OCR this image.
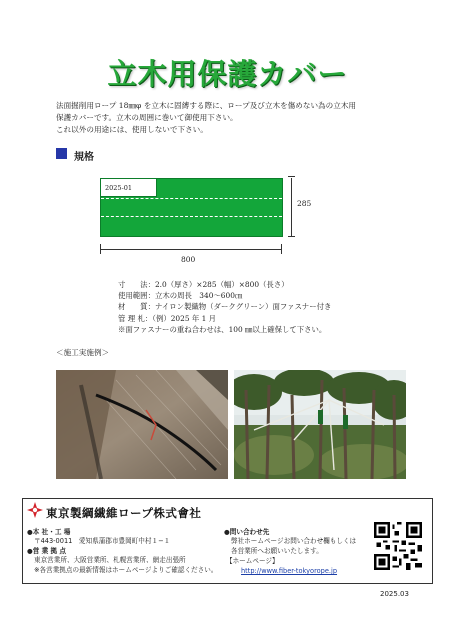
立木用保護カバー
法面掘削用ロープ 18㎜φ を立木に固縛する際に、ロープ及び立木を傷めない為の立木用
保護カバーです。立木の周囲に巻いて御使用下さい。
これ以外の用途には、使用しないで下さい。
規格
2025-01
285
800
寸　　法：2.0（厚さ）×285（幅）×800（長さ）
使用範囲：立木の周長　340～600㎝
材　　質：ナイロン製織物（ダークグリーン）面ファスナー付き
管 理 札：（例）2025 年 1 月
※面ファスナーの重ね合わせは、100 ㎜以上確保して下さい。
＜施工実施例＞
東京製綱繊維ロープ株式會社
●本 社・工 場
〒443-0011　愛知県蒲郡市豊岡町中村１−１
●営 業 拠 点
東京営業所、大阪営業所、札幌営業所、網走出張所
※各営業拠点の最新情報はホームページよりご確認ください。
●問い合わせ先
弊社ホームページお問い合わせ欄もしくは
各営業所へお願いいたします。
【ホームページ】
http://www.fiber-tokyorope.jp
2025.03
